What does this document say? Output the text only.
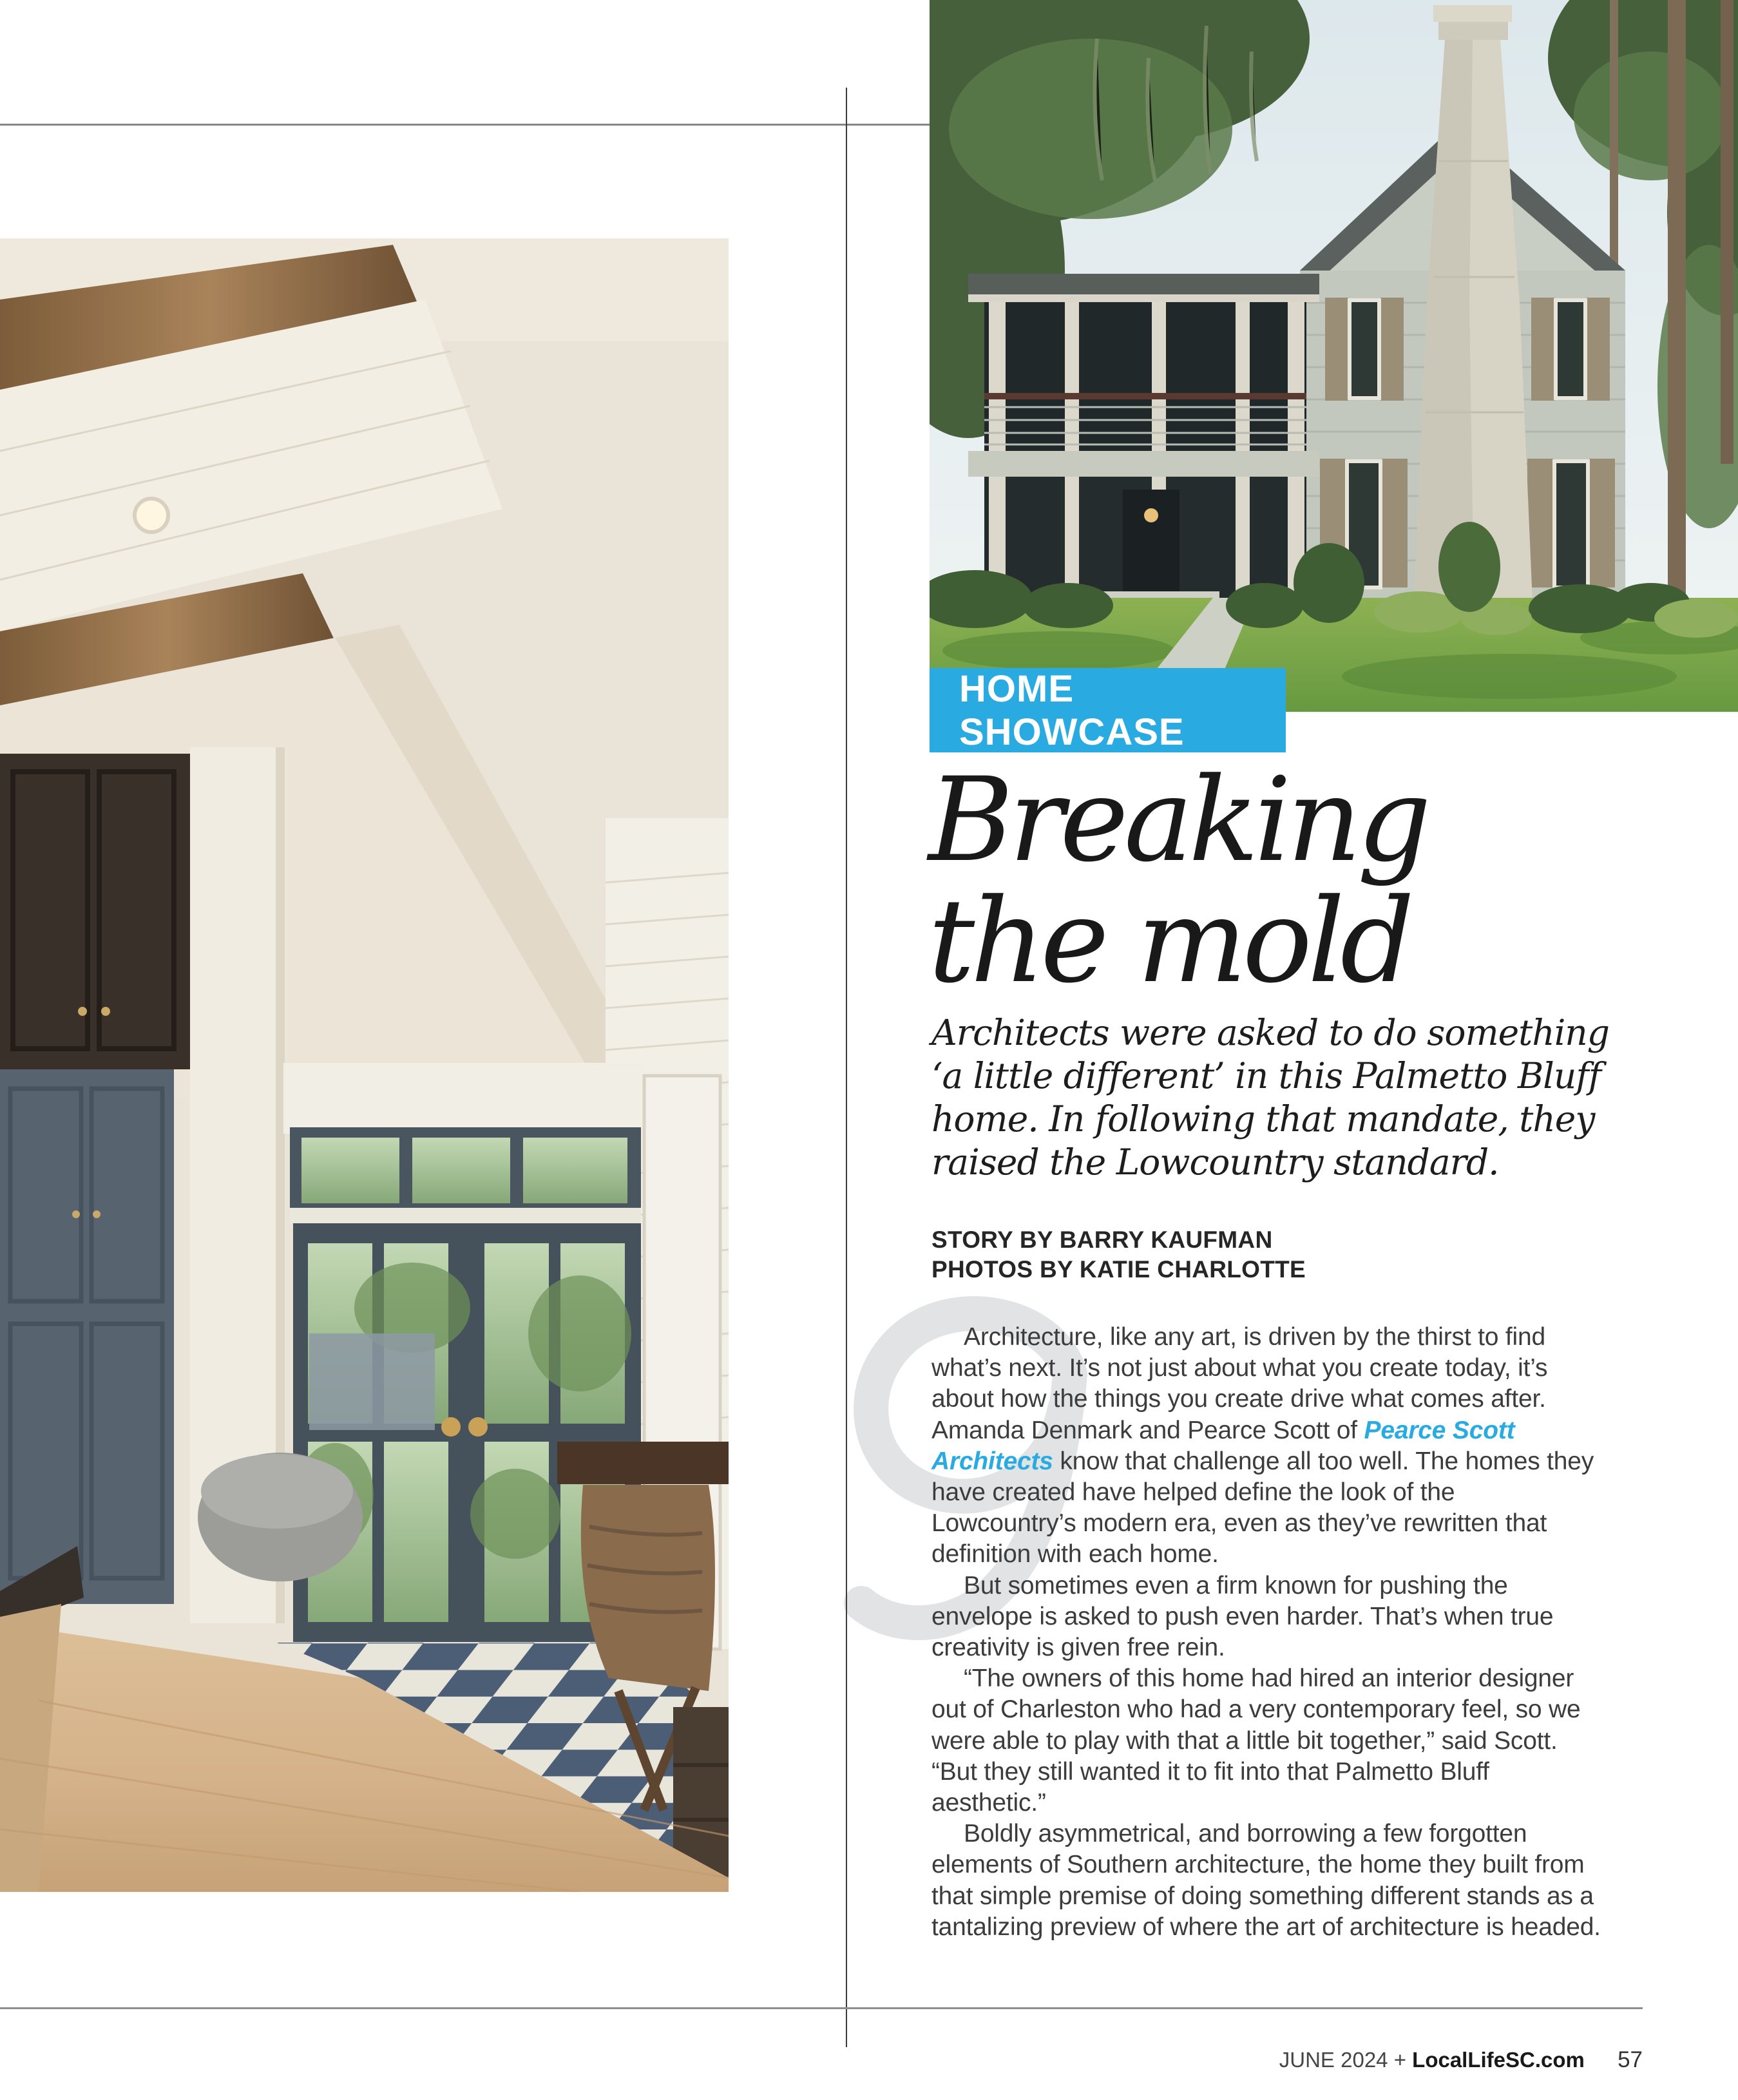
HOME SHOWCASE
Breaking
the mold
Architects were asked to do something
‘a little different’ in this Palmetto Bluff
home. In following that mandate, they
raised the Lowcountry standard.
STORY BY BARRY KAUFMAN
PHOTOS BY KATIE CHARLOTTE

Architecture, like any art, is driven by the thirst to find what’s next. It’s not just about what you create today, it’s about how the things you create drive what comes after. Amanda Denmark and Pearce Scott of Pearce Scott Architects know that challenge all too well. The homes they have created have helped define the look of the Lowcountry’s modern era, even as they’ve rewritten that definition with each home.

But sometimes even a firm known for pushing the envelope is asked to push even harder. That’s when true creativity is given free rein.

“The owners of this home had hired an interior designer out of Charleston who had a very contemporary feel, so we were able to play with that a little bit together,” said Scott. “But they still wanted it to fit into that Palmetto Bluff aesthetic.”

Boldly asymmetrical, and borrowing a few forgotten elements of Southern architecture, the home they built from that simple premise of doing something different stands as a tantalizing preview of where the art of architecture is headed.

JUNE 2024 + LocalLifeSC.com 57
